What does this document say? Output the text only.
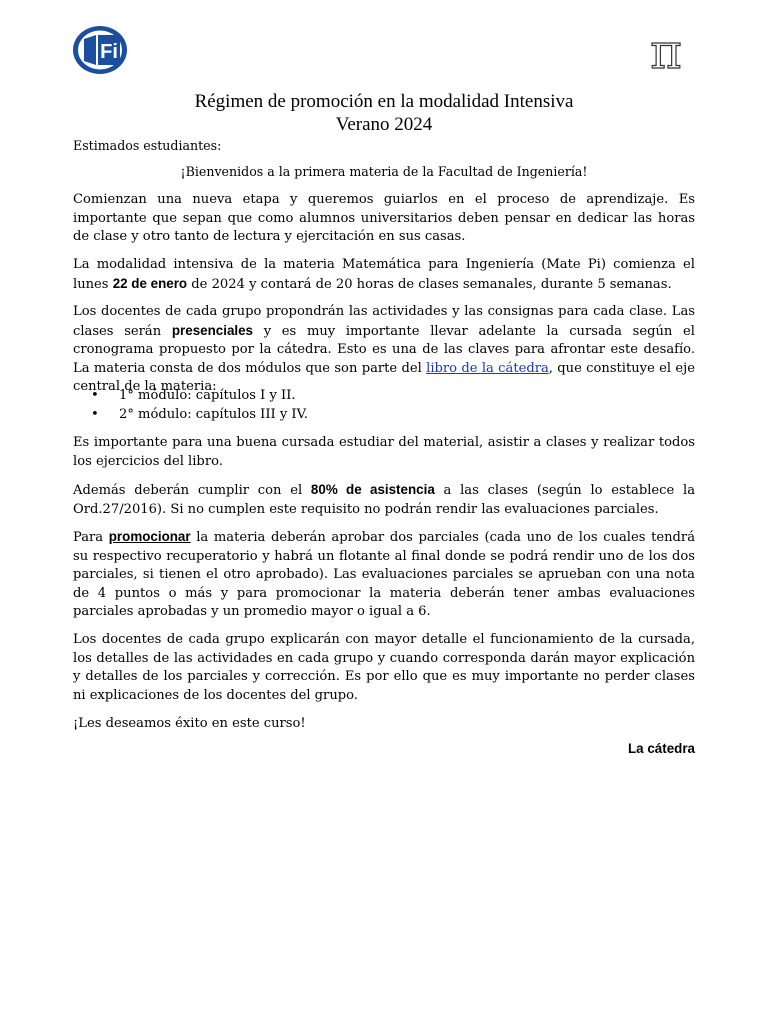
Fi	π
Régimen de promoción en la modalidad Intensiva
Verano 2024
Estimados estudiantes:
¡Bienvenidos a la primera materia de la Facultad de Ingeniería!
Comienzan una nueva etapa y queremos guiarlos en el proceso de aprendizaje. Es importante que sepan que como alumnos universitarios deben pensar en dedicar las horas de clase y otro tanto de lectura y ejercitación en sus casas.
La modalidad intensiva de la materia Matemática para Ingeniería (Mate Pi) comienza el lunes 22 de enero de 2024 y contará de 20 horas de clases semanales, durante 5 semanas.
Los docentes de cada grupo propondrán las actividades y las consignas para cada clase. Las clases serán presenciales y es muy importante llevar adelante la cursada según el cronograma propuesto por la cátedra. Esto es una de las claves para afrontar este desafío. La materia consta de dos módulos que son parte del libro de la cátedra, que constituye el eje central de la materia:
• 1° módulo: capítulos I y II.
• 2° módulo: capítulos III y IV.
Es importante para una buena cursada estudiar del material, asistir a clases y realizar todos los ejercicios del libro.
Además deberán cumplir con el 80% de asistencia a las clases (según lo establece la Ord.27/2016). Si no cumplen este requisito no podrán rendir las evaluaciones parciales.
Para promocionar la materia deberán aprobar dos parciales (cada uno de los cuales tendrá su respectivo recuperatorio y habrá un flotante al final donde se podrá rendir uno de los dos parciales, si tienen el otro aprobado). Las evaluaciones parciales se aprueban con una nota de 4 puntos o más y para promocionar la materia deberán tener ambas evaluaciones parciales aprobadas y un promedio mayor o igual a 6.
Los docentes de cada grupo explicarán con mayor detalle el funcionamiento de la cursada, los detalles de las actividades en cada grupo y cuando corresponda darán mayor explicación y detalles de los parciales y corrección. Es por ello que es muy importante no perder clases ni explicaciones de los docentes del grupo.
¡Les deseamos éxito en este curso!
La cátedra
